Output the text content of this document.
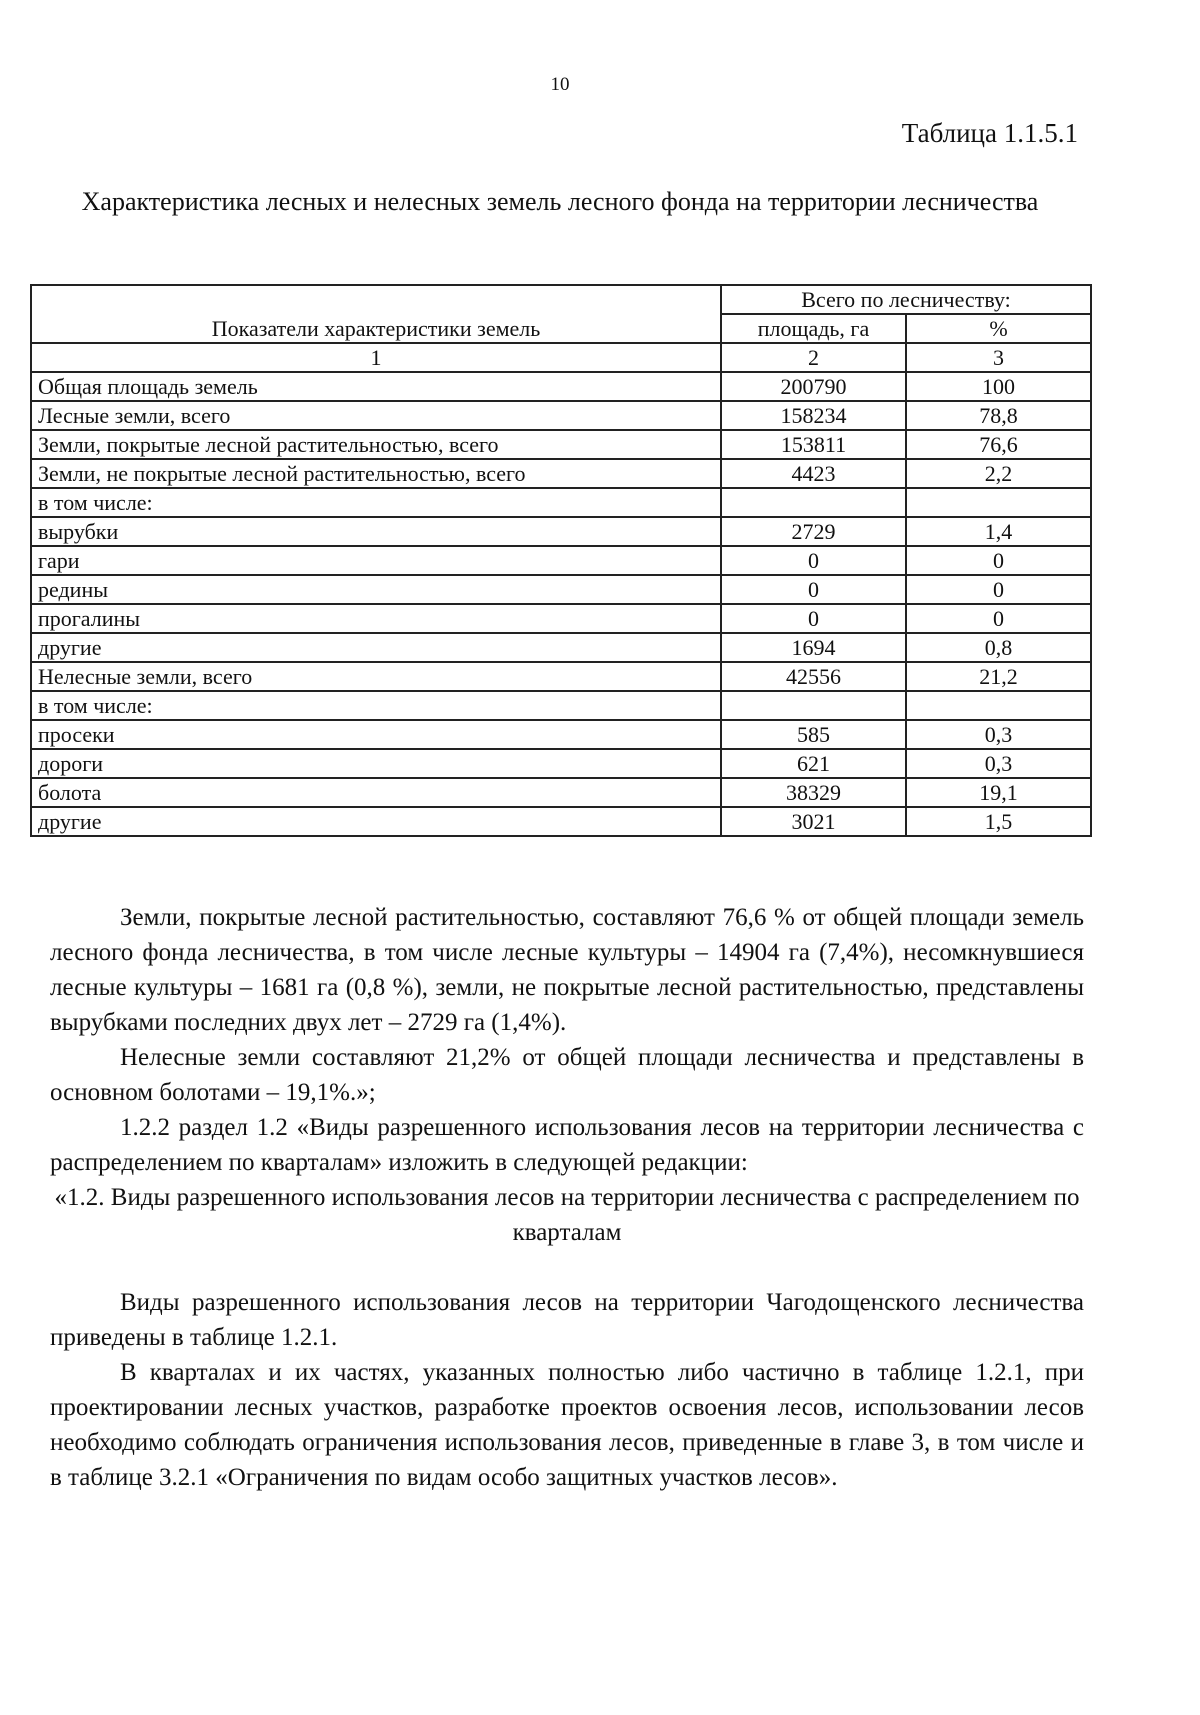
10
Таблица 1.1.5.1
Характеристика лесных и нелесных земель лесного фонда на территории лесничества
Показатели характеристики земель	Всего по лесничеству:	
	площадь, га	%
1	2	3
Общая площадь земель	200790	100
Лесные земли, всего	158234	78,8
Земли, покрытые лесной растительностью, всего	153811	76,6
Земли, не покрытые лесной растительностью, всего	4423	2,2
в том числе:		
вырубки	2729	1,4
гари	0	0
редины	0	0
прогалины	0	0
другие	1694	0,8
Нелесные земли, всего	42556	21,2
в том числе:		
просеки	585	0,3
дороги	621	0,3
болота	38329	19,1
другие	3021	1,5

Земли, покрытые лесной растительностью, составляют 76,6 % от общей площади земель лесного фонда лесничества, в том числе лесные культуры – 14904 га (7,4%), несомкнувшиеся лесные культуры – 1681 га (0,8 %), земли, не покрытые лесной растительностью, представлены вырубками последних двух лет – 2729 га (1,4%).

Нелесные земли составляют 21,2% от общей площади лесничества и представлены в основном болотами – 19,1%.»;

1.2.2 раздел 1.2 «Виды разрешенного использования лесов на территории лесничества с распределением по кварталам» изложить в следующей редакции:

«1.2. Виды разрешенного использования лесов на территории лесничества с распределением по кварталам

Виды разрешенного использования лесов на территории Чагодощенского лесничества приведены в таблице 1.2.1.

В кварталах и их частях, указанных полностью либо частично в таблице 1.2.1, при проектировании лесных участков, разработке проектов освоения лесов, использовании лесов необходимо соблюдать ограничения использования лесов, приведенные в главе 3, в том числе и в таблице 3.2.1 «Ограничения по видам особо защитных участков лесов».
